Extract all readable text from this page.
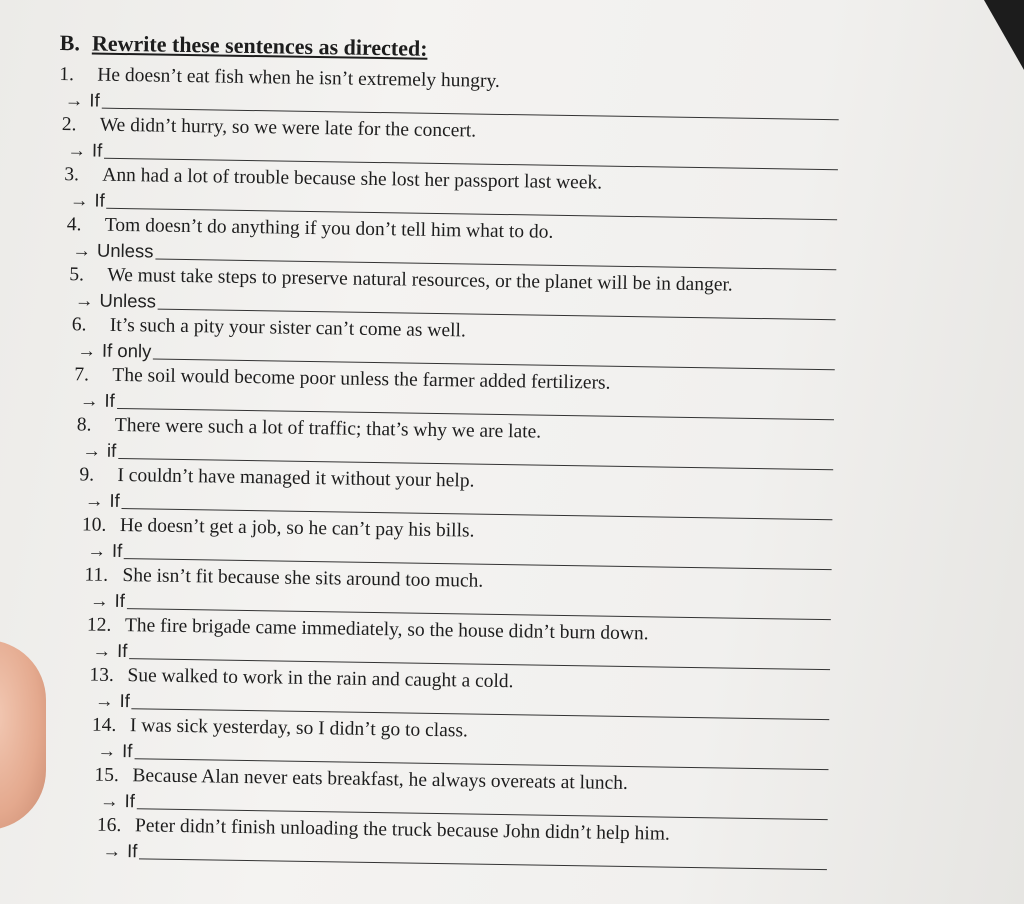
B. Rewrite these sentences as directed:
1.	He doesn’t eat fish when he isn’t extremely hungry.
→ If
2.	We didn’t hurry, so we were late for the concert.
→ If
3.	Ann had a lot of trouble because she lost her passport last week.
→ If
4.	Tom doesn’t do anything if you don’t tell him what to do.
→ Unless
5.	We must take steps to preserve natural resources, or the planet will be in danger.
→ Unless
6.	It’s such a pity your sister can’t come as well.
→ If only
7.	The soil would become poor unless the farmer added fertilizers.
→ If
8.	There were such a lot of traffic; that’s why we are late.
→ if
9.	I couldn’t have managed it without your help.
→ If
10. He doesn’t get a job, so he can’t pay his bills.
→ If
11. She isn’t fit because she sits around too much.
→ If
12. The fire brigade came immediately, so the house didn’t burn down.
→ If
13. Sue walked to work in the rain and caught a cold.
→ If
14. I was sick yesterday, so I didn’t go to class.
→ If
15. Because Alan never eats breakfast, he always overeats at lunch.
→ If
16. Peter didn’t finish unloading the truck because John didn’t help him.
→ If
